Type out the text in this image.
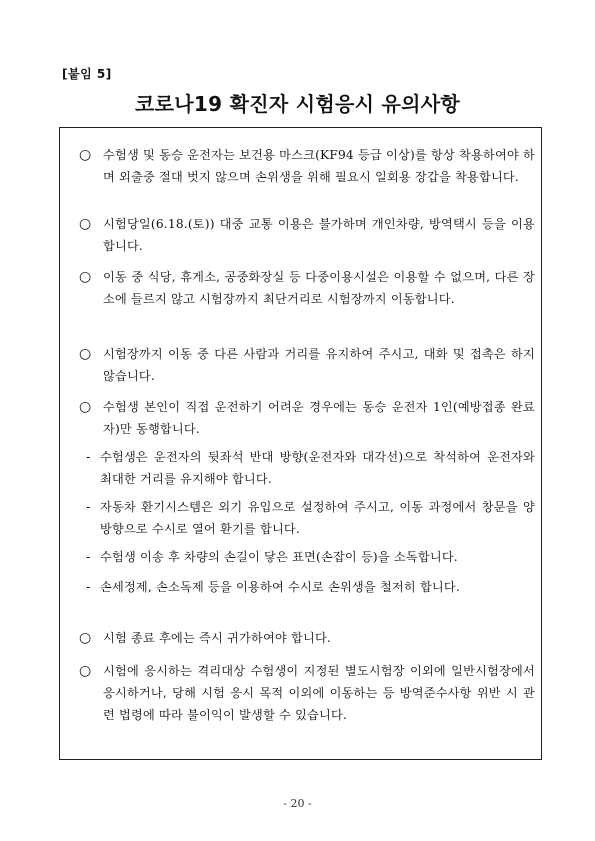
[붙임 5]
코로나19 확진자 시험응시 유의사항
○ 수험생 및 동승 운전자는 보건용 마스크(KF94 등급 이상)를 항상 착용하여야 하며 외출중 절대 벗지 않으며 손위생을 위해 필요시 일회용 장갑을 착용합니다.
○ 시험당일(6.18.(토)) 대중 교통 이용은 불가하며 개인차량, 방역택시 등을 이용합니다.
○ 이동 중 식당, 휴게소, 공중화장실 등 다중이용시설은 이용할 수 없으며, 다른 장소에 들르지 않고 시험장까지 최단거리로 시험장까지 이동합니다.
○ 시험장까지 이동 중 다른 사람과 거리를 유지하여 주시고, 대화 및 접촉은 하지 않습니다.
○ 수험생 본인이 직접 운전하기 어려운 경우에는 동승 운전자 1인(예방접종 완료자)만 동행합니다.
- 수험생은 운전자의 뒷좌석 반대 방향(운전자와 대각선)으로 착석하여 운전자와 최대한 거리를 유지해야 합니다.
- 자동차 환기시스템은 외기 유입으로 설정하여 주시고, 이동 과정에서 창문을 양방향으로 수시로 열어 환기를 합니다.
- 수험생 이송 후 차량의 손길이 닿은 표면(손잡이 등)을 소독합니다.
- 손세정제, 손소독제 등을 이용하여 수시로 손위생을 철저히 합니다.
○ 시험 종료 후에는 즉시 귀가하여야 합니다.
○ 시험에 응시하는 격리대상 수험생이 지정된 별도시험장 이외에 일반시험장에서 응시하거나, 당해 시험 응시 목적 이외에 이동하는 등 방역준수사항 위반 시 관련 법령에 따라 불이익이 발생할 수 있습니다.
- 20 -
